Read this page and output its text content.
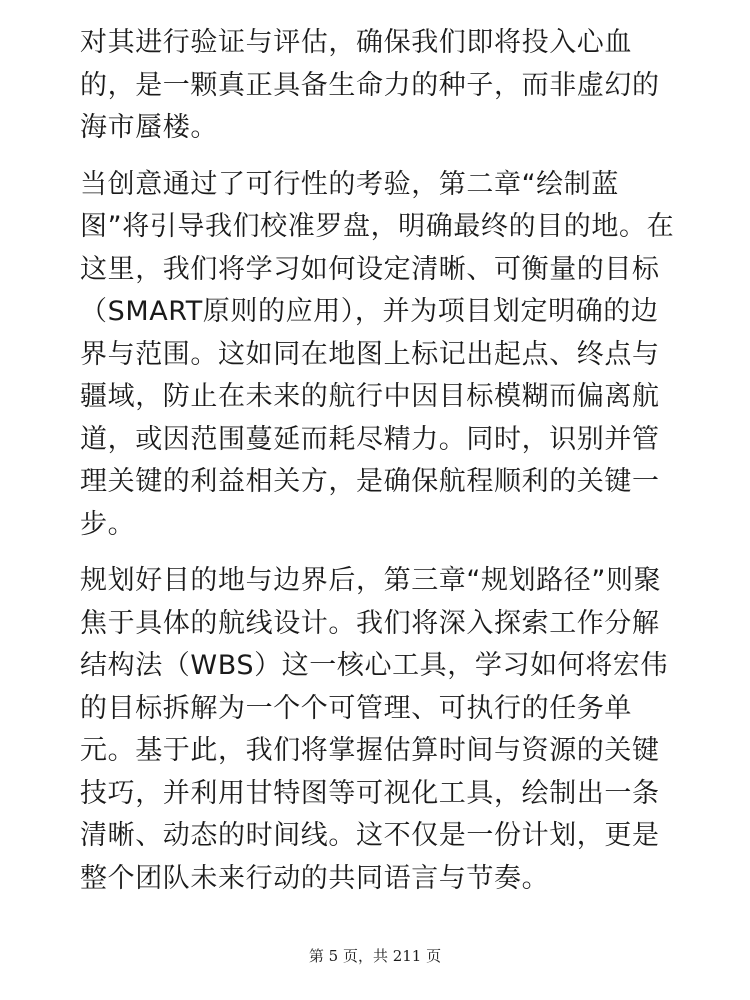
对其进行验证与评估，确保我们即将投入心血的，是一颗真正具备生命力的种子，而非虚幻的海市蜃楼。

当创意通过了可行性的考验，第二章“绘制蓝图”将引导我们校准罗盘，明确最终的目的地。在这里，我们将学习如何设定清晰、可衡量的目标（SMART原则的应用），并为项目划定明确的边界与范围。这如同在地图上标记出起点、终点与疆域，防止在未来的航行中因目标模糊而偏离航道，或因范围蔓延而耗尽精力。同时，识别并管理关键的利益相关方，是确保航程顺利的关键一步。

规划好目的地与边界后，第三章“规划路径”则聚焦于具体的航线设计。我们将深入探索工作分解结构法（WBS）这一核心工具，学习如何将宏伟的目标拆解为一个个可管理、可执行的任务单元。基于此，我们将掌握估算时间与资源的关键技巧，并利用甘特图等可视化工具，绘制出一条清晰、动态的时间线。这不仅是一份计划，更是整个团队未来行动的共同语言与节奏。

第 5 页，共 211 页
